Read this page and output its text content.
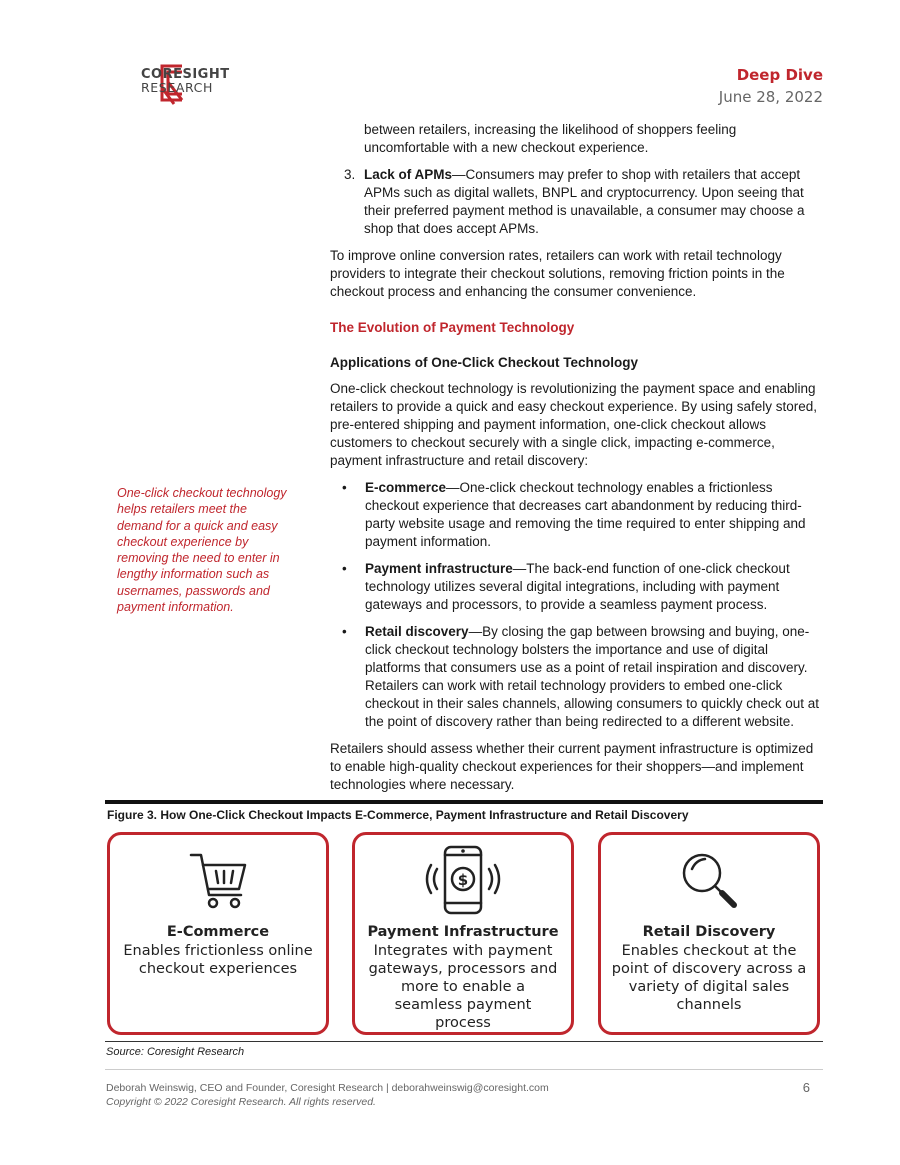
CORESIGHT
RESEARCH
Deep Dive
June 28, 2022
between retailers, increasing the likelihood of shoppers feeling uncomfortable with a new checkout experience.
3. Lack of APMs—Consumers may prefer to shop with retailers that accept APMs such as digital wallets, BNPL and cryptocurrency. Upon seeing that their preferred payment method is unavailable, a consumer may choose a shop that does accept APMs.
To improve online conversion rates, retailers can work with retail technology providers to integrate their checkout solutions, removing friction points in the checkout process and enhancing the consumer convenience.
The Evolution of Payment Technology
Applications of One-Click Checkout Technology
One-click checkout technology is revolutionizing the payment space and enabling retailers to provide a quick and easy checkout experience. By using safely stored, pre-entered shipping and payment information, one-click checkout allows customers to checkout securely with a single click, impacting e-commerce, payment infrastructure and retail discovery:
• E-commerce—One-click checkout technology enables a frictionless checkout experience that decreases cart abandonment by reducing third-party website usage and removing the time required to enter shipping and payment information.
• Payment infrastructure—The back-end function of one-click checkout technology utilizes several digital integrations, including with payment gateways and processors, to provide a seamless payment process.
• Retail discovery—By closing the gap between browsing and buying, one-click checkout technology bolsters the importance and use of digital platforms that consumers use as a point of retail inspiration and discovery. Retailers can work with retail technology providers to embed one-click checkout in their sales channels, allowing consumers to quickly check out at the point of discovery rather than being redirected to a different website.
Retailers should assess whether their current payment infrastructure is optimized to enable high-quality checkout experiences for their shoppers—and implement technologies where necessary.
One-click checkout technology helps retailers meet the demand for a quick and easy checkout experience by removing the need to enter in lengthy information such as usernames, passwords and payment information.
Figure 3. How One-Click Checkout Impacts E-Commerce, Payment Infrastructure and Retail Discovery
E-Commerce
Enables frictionless online checkout experiences
$
Payment Infrastructure
Integrates with payment gateways, processors and more to enable a seamless payment process
Retail Discovery
Enables checkout at the point of discovery across a variety of digital sales channels
Source: Coresight Research
Deborah Weinswig, CEO and Founder, Coresight Research | deborahweinswig@coresight.com
Copyright © 2022 Coresight Research. All rights reserved.
6
